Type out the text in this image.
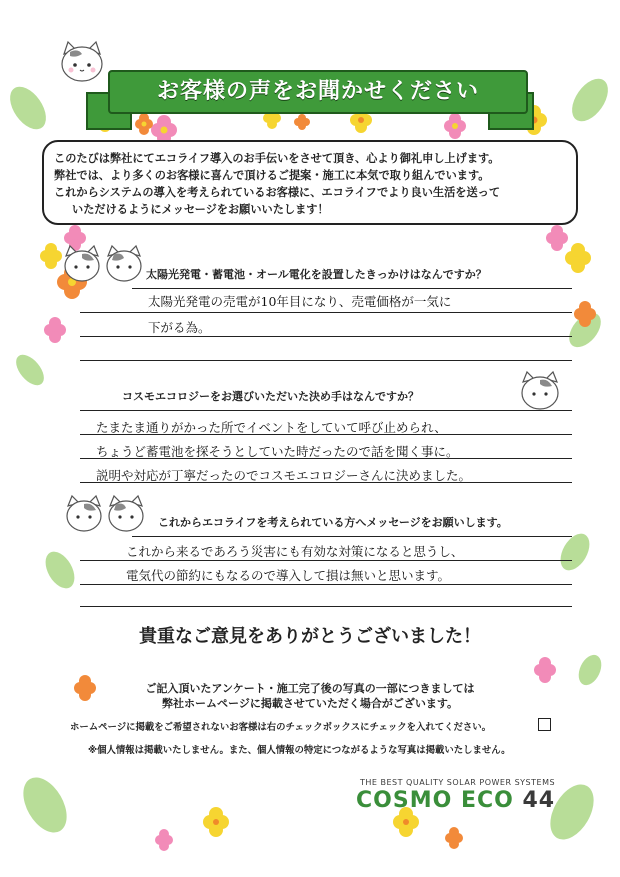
お客様の声をお聞かせください

このたびは弊社にてエコライフ導入のお手伝いをさせて頂き、心より御礼申し上げます。

弊社では、より多くのお客様に喜んで頂けるご提案・施工に本気で取り組んでいます。

これからシステムの導入を考えられているお客様に、エコライフでより良い生活を送って

いただけるようにメッセージをお願いいたします！

太陽光発電・蓄電池・オール電化を設置したきっかけはなんですか？
太陽光発電の売電が10年目になり、売電価格が一気に
下がる為。
コスモエコロジーをお選びいただいた決め手はなんですか？
たまたま通りがかった所でイベントをしていて呼び止められ、
ちょうど蓄電池を探そうとしていた時だったので話を聞く事に。
説明や対応が丁寧だったのでコスモエコロジーさんに決めました。
これからエコライフを考えられている方へメッセージをお願いします。
これから来るであろう災害にも有効な対策になると思うし、
電気代の節約にもなるので導入して損は無いと思います。
貴重なご意見をありがとうございました！
ご記入頂いたアンケート・施工完了後の写真の一部につきましては
弊社ホームページに掲載させていただく場合がございます。
ホームページに掲載をご希望されないお客様は右のチェックボックスにチェックを入れてください。
※個人情報は掲載いたしません。また、個人情報の特定につながるような写真は掲載いたしません。
THE BEST QUALITY SOLAR POWER SYSTEMS
COSMO ECO 44
